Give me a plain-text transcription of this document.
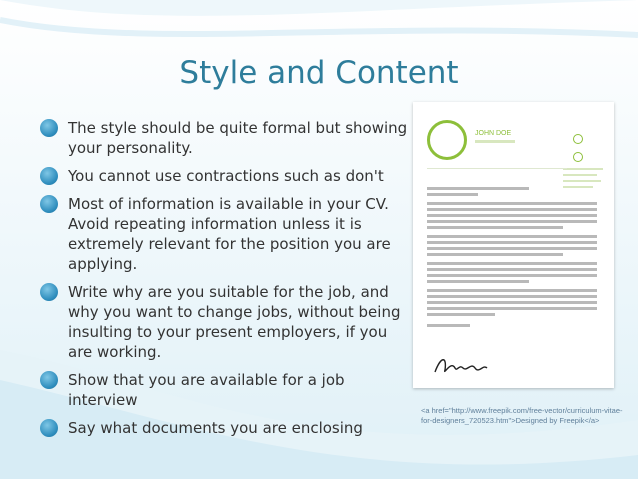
Style and Content
The style should be quite formal but showing your personality.
You cannot use contractions such as don't
Most of information is available in your CV. Avoid repeating information unless it is extremely relevant for the position you are applying.
Write why are you suitable for the job, and why you want to change jobs, without being insulting to your present employers, if you are working.
Show that you are available for a job interview
Say what documents you are enclosing
JOHN DOE
<a href="http://www.freepik.com/free-vector/curriculum-vitae-for-designers_720523.htm">Designed by Freepik</a>
